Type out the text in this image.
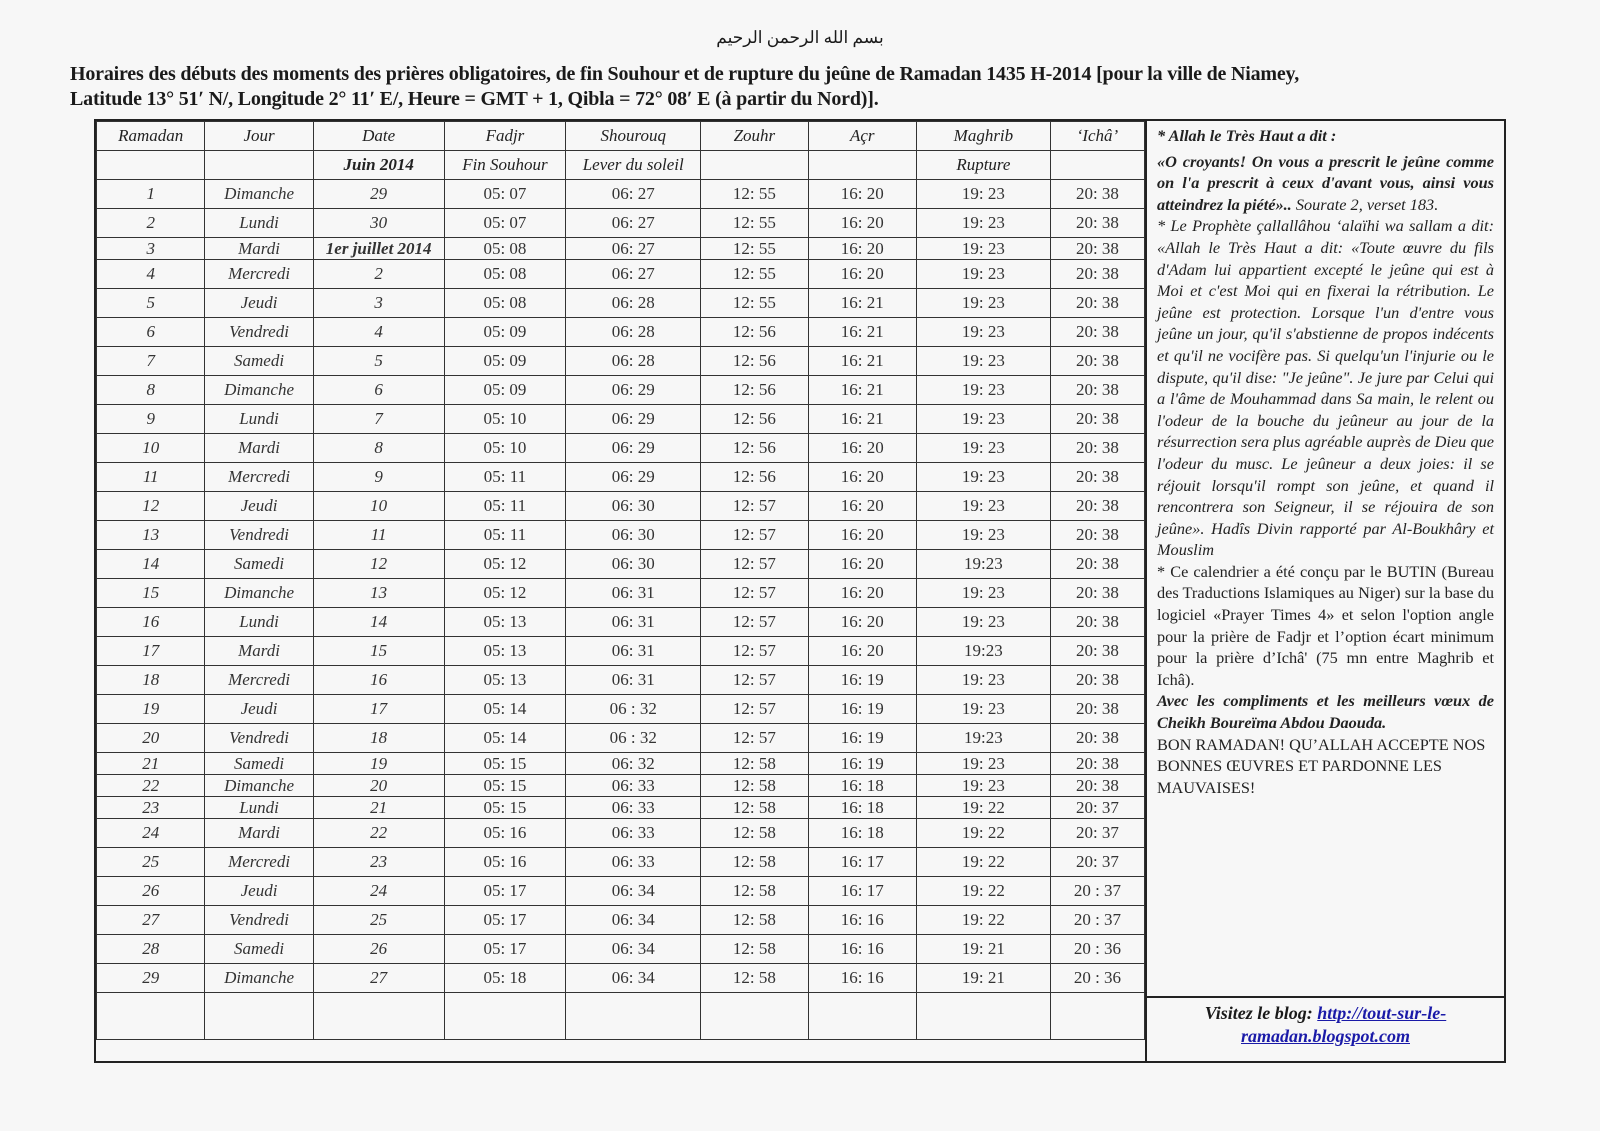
بسم الله الرحمن الرحيم
Horaires des débuts des moments des prières obligatoires, de fin Souhour et de rupture du jeûne de Ramadan 1435 H-2014 [pour la ville de Niamey,
Latitude 13° 51ʹ N/, Longitude 2° 11ʹ E/, Heure = GMT + 1, Qibla = 72° 08ʹ E (à partir du Nord)].
Ramadan	Jour	Date	Fadjr	Shourouq	Zouhr	Açr	Maghrib	‘Ichâ’
		Juin 2014	Fin Souhour	Lever du soleil			Rupture	
1	Dimanche	29	05: 07	06: 27	12: 55	16: 20	19: 23	20: 38
2	Lundi	30	05: 07	06: 27	12: 55	16: 20	19: 23	20: 38
3	Mardi	1er juillet 2014	05: 08	06: 27	12: 55	16: 20	19: 23	20: 38
4	Mercredi	2	05: 08	06: 27	12: 55	16: 20	19: 23	20: 38
5	Jeudi	3	05: 08	06: 28	12: 55	16: 21	19: 23	20: 38
6	Vendredi	4	05: 09	06: 28	12: 56	16: 21	19: 23	20: 38
7	Samedi	5	05: 09	06: 28	12: 56	16: 21	19: 23	20: 38
8	Dimanche	6	05: 09	06: 29	12: 56	16: 21	19: 23	20: 38
9	Lundi	7	05: 10	06: 29	12: 56	16: 21	19: 23	20: 38
10	Mardi	8	05: 10	06: 29	12: 56	16: 20	19: 23	20: 38
11	Mercredi	9	05: 11	06: 29	12: 56	16: 20	19: 23	20: 38
12	Jeudi	10	05: 11	06: 30	12: 57	16: 20	19: 23	20: 38
13	Vendredi	11	05: 11	06: 30	12: 57	16: 20	19: 23	20: 38
14	Samedi	12	05: 12	06: 30	12: 57	16: 20	19:23	20: 38
15	Dimanche	13	05: 12	06: 31	12: 57	16: 20	19: 23	20: 38
16	Lundi	14	05: 13	06: 31	12: 57	16: 20	19: 23	20: 38
17	Mardi	15	05: 13	06: 31	12: 57	16: 20	19:23	20: 38
18	Mercredi	16	05: 13	06: 31	12: 57	16: 19	19: 23	20: 38
19	Jeudi	17	05: 14	06 : 32	12: 57	16: 19	19: 23	20: 38
20	Vendredi	18	05: 14	06 : 32	12: 57	16: 19	19:23	20: 38
21	Samedi	19	05: 15	06: 32	12: 58	16: 19	19: 23	20: 38
22	Dimanche	20	05: 15	06: 33	12: 58	16: 18	19: 23	20: 38
23	Lundi	21	05: 15	06: 33	12: 58	16: 18	19: 22	20: 37
24	Mardi	22	05: 16	06: 33	12: 58	16: 18	19: 22	20: 37
25	Mercredi	23	05: 16	06: 33	12: 58	16: 17	19: 22	20: 37
26	Jeudi	24	05: 17	06: 34	12: 58	16: 17	19: 22	20 : 37
27	Vendredi	25	05: 17	06: 34	12: 58	16: 16	19: 22	20 : 37
28	Samedi	26	05: 17	06: 34	12: 58	16: 16	19: 21	20 : 36
29	Dimanche	27	05: 18	06: 34	12: 58	16: 16	19: 21	20 : 36

* Allah le Très Haut a dit :

«O croyants! On vous a prescrit le jeûne comme on l'a prescrit à ceux d'avant vous, ainsi vous atteindrez la piété».. Sourate 2, verset 183.

* Le Prophète çallallâhou ‘alaïhi wa sallam a dit: «Allah le Très Haut a dit: «Toute œuvre du fils d'Adam lui appartient excepté le jeûne qui est à Moi et c'est Moi qui en fixerai la rétribution. Le jeûne est protection. Lorsque l'un d'entre vous jeûne un jour, qu'il s'abstienne de propos indécents et qu'il ne vocifère pas. Si quelqu'un l'injurie ou le dispute, qu'il dise: "Je jeûne". Je jure par Celui qui a l'âme de Mouhammad dans Sa main, le relent ou l'odeur de la bouche du jeûneur au jour de la résurrection sera plus agréable auprès de Dieu que l'odeur du musc. Le jeûneur a deux joies: il se réjouit lorsqu'il rompt son jeûne, et quand il rencontrera son Seigneur, il se réjouira de son jeûne». Hadîs Divin rapporté par Al-Boukhâry et Mouslim

* Ce calendrier a été conçu par le BUTIN (Bureau des Traductions Islamiques au Niger) sur la base du logiciel «Prayer Times 4» et selon l'option angle pour la prière de Fadjr et l’option écart minimum pour la prière d’Ichâ' (75 mn entre Maghrib et Ichâ).

Avec les compliments et les meilleurs vœux de Cheikh Boureïma Abdou Daouda.

BON RAMADAN! QU’ALLAH ACCEPTE NOS BONNES ŒUVRES ET PARDONNE LES MAUVAISES!

Visitez le blog: http://tout-sur-le-ramadan.blogspot.com
